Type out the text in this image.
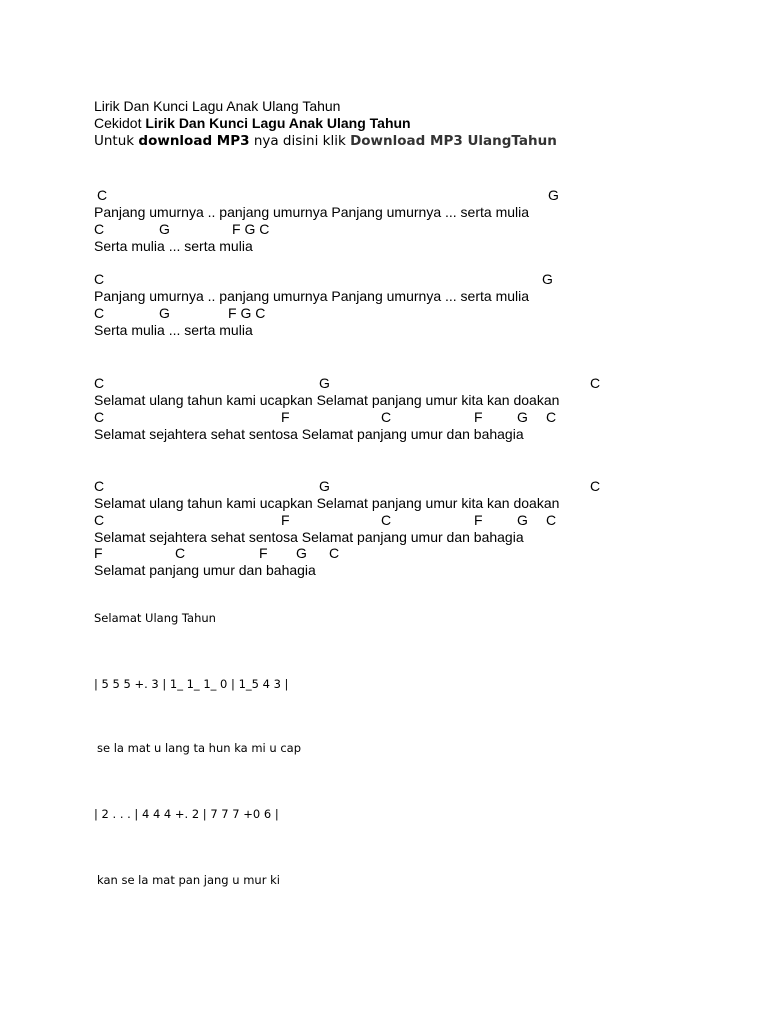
Lirik Dan Kunci Lagu Anak Ulang Tahun
Cekidot Lirik Dan Kunci Lagu Anak Ulang Tahun
Untuk download MP3 nya disini klik Download MP3 UlangTahun
C	G
Panjang umurnya .. panjang umurnya Panjang umurnya ... serta mulia
C	G	F G C
Serta mulia ... serta mulia
C	G
Panjang umurnya .. panjang umurnya Panjang umurnya ... serta mulia
C	G	F G C
Serta mulia ... serta mulia
C	G	C
Selamat ulang tahun kami ucapkan Selamat panjang umur kita kan doakan
C	F	C	F G C
Selamat sejahtera sehat sentosa Selamat panjang umur dan bahagia
C	G	C
Selamat ulang tahun kami ucapkan Selamat panjang umur kita kan doakan
C	F	C	F G C
Selamat sejahtera sehat sentosa Selamat panjang umur dan bahagia
F	C	F G C
Selamat panjang umur dan bahagia
Selamat Ulang Tahun
| 5 5 5 +. 3 | 1_ 1_ 1_ 0 | 1_5 4 3 |
se la mat u lang ta hun ka mi u cap
| 2 . . . | 4 4 4 +. 2 | 7 7 7 +0 6 |
kan se la mat pan jang u mur ki
